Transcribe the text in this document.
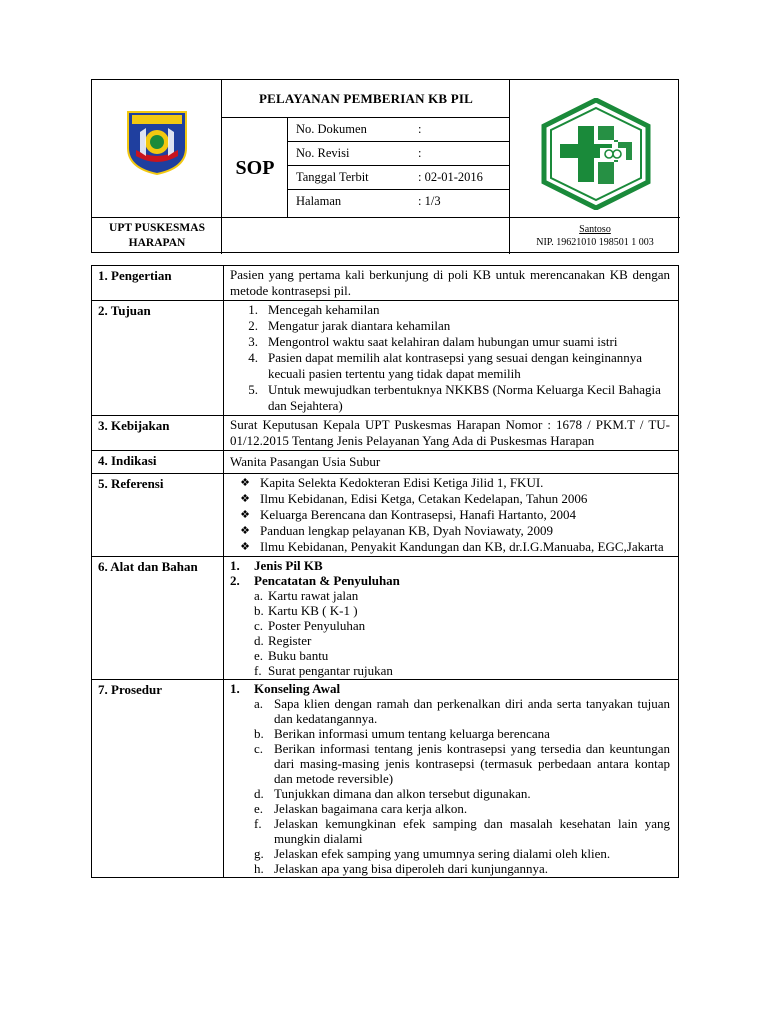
PELAYANAN PEMBERIAN KB PIL
SOP
No. Dokumen	:
No. Revisi	:
Tanggal Terbit	: 02-01-2016
Halaman	: 1/3
UPT PUSKESMAS
HARAPAN
Santoso
NIP. 19621010 198501 1 003
1. Pengertian	Pasien yang pertama kali berkunjung di poli KB untuk merencanakan KB dengan metode kontrasepsi pil.
2. Tujuan	1. Mencegah kehamilan
2. Mengatur jarak diantara kehamilan
3. Mengontrol waktu saat kelahiran dalam hubungan umur suami istri
4. Pasien dapat memilih alat kontrasepsi yang sesuai dengan keinginannya kecuali pasien tertentu yang tidak dapat memilih
5. Untuk mewujudkan terbentuknya NKKBS (Norma Keluarga Kecil Bahagia dan Sejahtera)
3. Kebijakan	Surat Keputusan Kepala UPT Puskesmas Harapan Nomor : 1678 / PKM.T / TU-01/12.2015 Tentang Jenis Pelayanan Yang Ada di Puskesmas Harapan
4. Indikasi	Wanita Pasangan Usia Subur
5. Referensi	❖ Kapita Selekta Kedokteran Edisi Ketiga Jilid 1, FKUI.
❖ Ilmu Kebidanan, Edisi Ketga, Cetakan Kedelapan, Tahun 2006
❖ Keluarga Berencana dan Kontrasepsi, Hanafi Hartanto, 2004
❖ Panduan lengkap pelayanan KB, Dyah Noviawaty, 2009
❖ Ilmu Kebidanan, Penyakit Kandungan dan KB, dr.I.G.Manuaba, EGC,Jakarta
6. Alat dan Bahan	1.	Jenis Pil KB
2.	Pencatatan & Penyuluhan
a. Kartu rawat jalan
b. Kartu KB ( K-1 )
c. Poster Penyuluhan
d. Register
e. Buku bantu
f. Surat pengantar rujukan
7. Prosedur	1.	Konseling Awal
a. Sapa klien dengan ramah dan perkenalkan diri anda serta tanyakan tujuan dan kedatangannya.
b. Berikan informasi umum tentang keluarga berencana
c. Berikan informasi tentang jenis kontrasepsi yang tersedia dan keuntungan dari masing-masing jenis kontrasepsi (termasuk perbedaan antara kontap dan metode reversible)
d. Tunjukkan dimana dan alkon tersebut digunakan.
e. Jelaskan bagaimana cara kerja alkon.
f. Jelaskan kemungkinan efek samping dan masalah kesehatan lain yang mungkin dialami
g. Jelaskan efek samping yang umumnya sering dialami oleh klien.
h. Jelaskan apa yang bisa diperoleh dari kunjungannya.
